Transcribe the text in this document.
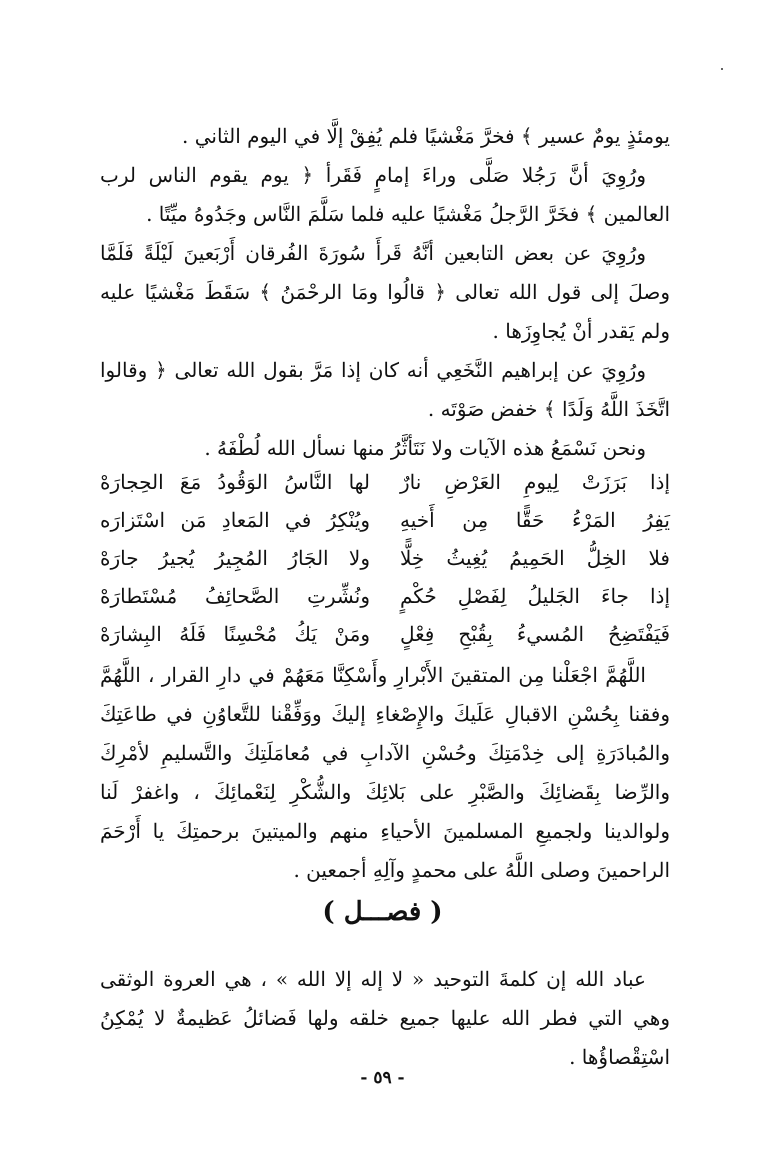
يومئذٍ يومٌ عسير ﴾ فخرَّ مَغْشيًا فلم يُفِقْ إلَّا في اليوم الثاني .

ورُوِيَ أنَّ رَجُلا صَلَّى وراءَ إمامٍ فَقَرأ ﴿ يوم يقوم الناس لرب العالمين ﴾ فخَرَّ الرَّجلُ مَغْشيًا عليه فلما سَلَّمَ النَّاس وجَدُوهُ ميِّتًا .

ورُوِيَ عن بعض التابعين أنَّهُ قَرأَ سُورَةَ الفُرقان أَرْبَعينَ لَيْلَةً فَلَمَّا وصلَ إلى قول الله تعالى ﴿ قالُوا ومَا الرحْمَنُ ﴾ سَقَطَ مَغْشيًا عليه ولم يَقدر أنْ يُجاوِزَها .

ورُوِيَ عن إبراهيم النَّخَعِي أنه كان إذا مَرَّ بقول الله تعالى ﴿ وقالوا اتَّخَذَ اللَّهُ وَلَدًا ﴾ خفض صَوْتَه .

ونحن نَسْمَعُ هذه الآيات ولا نَتَأثَّرُ منها نسأل الله لُطْفَهُ .

إذا بَرَزَتْ لِيومِ العَرْضِ نارٌ
لها النَّاسُ الوَقُودُ مَعَ الحِجارَهْ
يَفِرُ المَرْءُ حَقًّا مِن أَخيهِ
ويُنْكِرُ في المَعادِ مَن اسْتَزارَه
فلا الخِلُّ الحَمِيمُ يُغِيثُ خِلًّا
ولا الجَارُ المُجِيرُ يُجيرُ جارَهْ
إذا جاءَ الجَليلُ لِفَصْلِ حُكْمٍ
ونُشِّرتِ الصَّحائِفُ مُسْتَطارَهْ
فَيَفْتَضِحُ المُسيءُ بِقُبْحِ فِعْلٍ
ومَنْ يَكُ مُحْسِنًا فَلَهُ البِشارَهْ

اللَّهُمَّ اجْعَلْنا مِن المتقينَ الأَبْرارِ وأَسْكِنَّا مَعَهُمْ في دارِ القرار ، اللَّهُمَّ وفقنا بِحُسْنِ الاقبالِ عَلَيكَ والإِصْغاءِ إليكَ ووَفِّقْنا للتَّعاوُنِ في طاعَتِكَ والمُبادَرَةِ إلى خِدْمَتِكَ وحُسْنِ الآدابِ في مُعامَلَتِكَ والتَّسليمِ لأمْرِكَ والرِّضا بِقَضائِكَ والصَّبْرِ على بَلائِكَ والشُّكْرِ لِنَعْمائِكَ ، واغفرْ لَنا ولوالدينا ولجميعِ المسلمينَ الأحياءِ منهم والميتينَ برحمتِكَ يا أَرْحَمَ الراحمينَ وصلى اللَّهُ على محمدٍ وآلِهِ أجمعين .

( فصـــل )

عباد الله إن كلمةَ التوحيد « لا إله إلا الله » ، هي العروة الوثقى وهي التي فطر الله عليها جميع خلقه ولها فَضائلُ عَظيمةٌ لا يُمْكِنُ اسْتِقْصاؤُها .

- ٥٩ -
